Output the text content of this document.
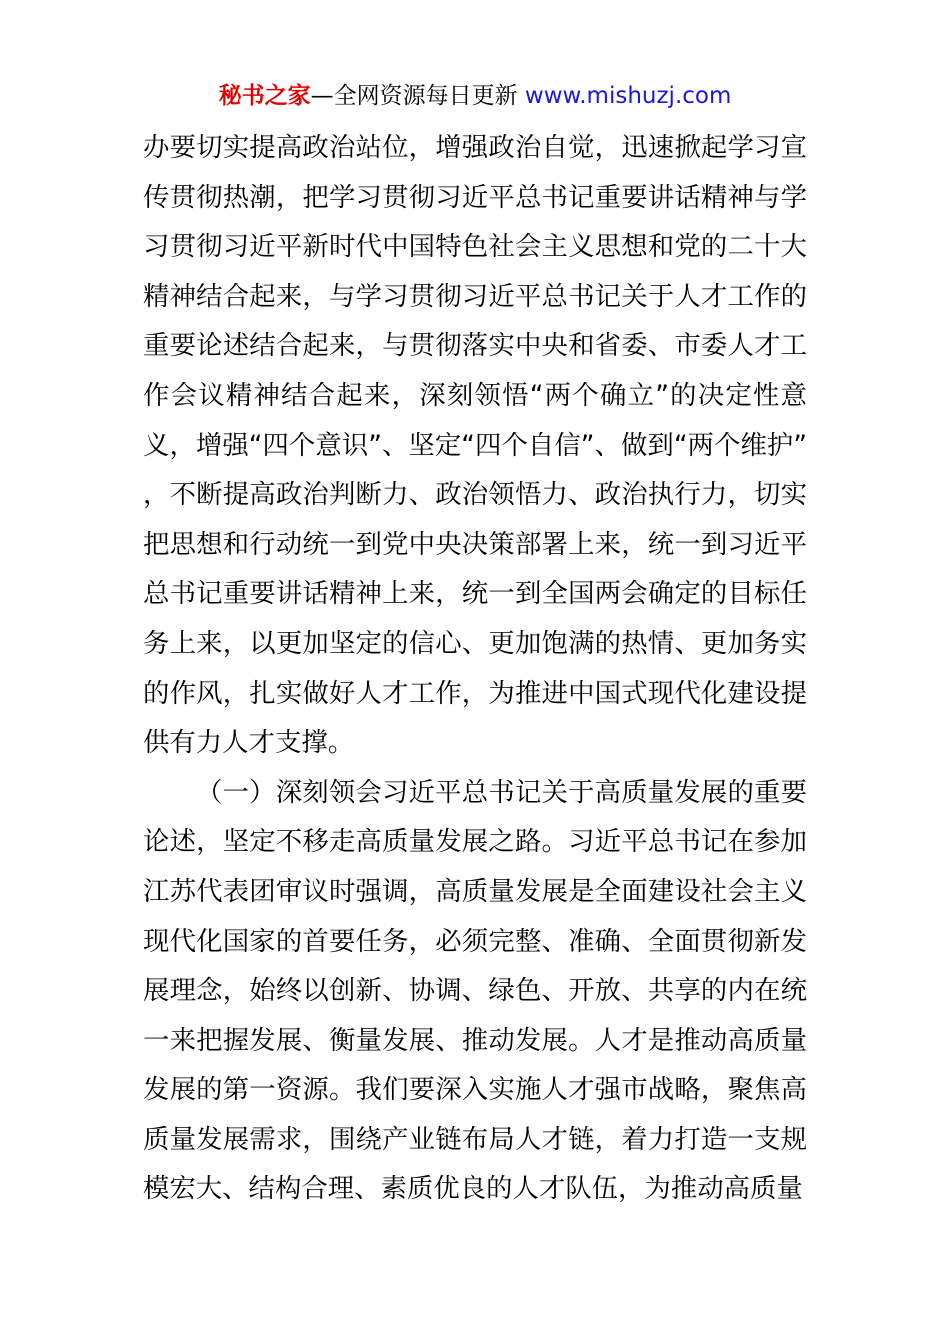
秘书之家—全网资源每日更新 www.mishuzj.com

办要切实提高政治站位，增强政治自觉，迅速掀起学习宣传贯彻热潮，把学习贯彻习近平总书记重要讲话精神与学习贯彻习近平新时代中国特色社会主义思想和党的二十大精神结合起来，与学习贯彻习近平总书记关于人才工作的重要论述结合起来，与贯彻落实中央和省委、市委人才工作会议精神结合起来，深刻领悟“两个确立”的决定性意义，增强“四个意识”、坚定“四个自信”、做到“两个维护” ，不断提高政治判断力、政治领悟力、政治执行力，切实把思想和行动统一到党中央决策部署上来，统一到习近平总书记重要讲话精神上来，统一到全国两会确定的目标任务上来，以更加坚定的信心、更加饱满的热情、更加务实的作风，扎实做好人才工作，为推进中国式现代化建设提供有力人才支撑。

（一）深刻领会习近平总书记关于高质量发展的重要论述，坚定不移走高质量发展之路。习近平总书记在参加江苏代表团审议时强调，高质量发展是全面建设社会主义现代化国家的首要任务，必须完整、准确、全面贯彻新发展理念，始终以创新、协调、绿色、开放、共享的内在统一来把握发展、衡量发展、推动发展。人才是推动高质量发展的第一资源。我们要深入实施人才强市战略，聚焦高质量发展需求，围绕产业链布局人才链，着力打造一支规模宏大、结构合理、素质优良的人才队伍，为推动高质量
